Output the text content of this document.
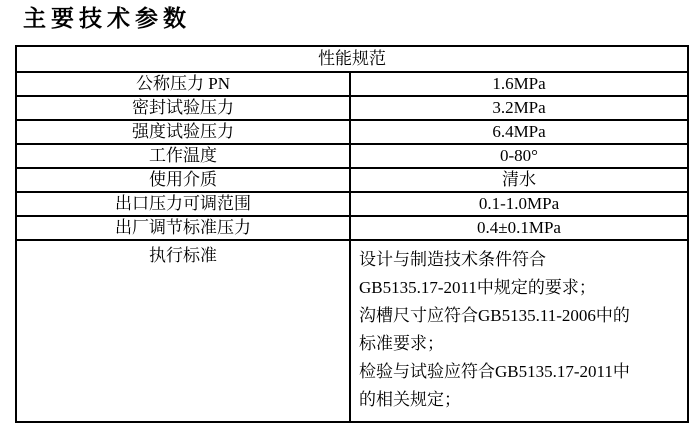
主要技术参数
性能规范	
公称压力 PN	1.6MPa
密封试验压力	3.2MPa
强度试验压力	6.4MPa
工作温度	0-80°
使用介质	清水
出口压力可调范围	0.1-1.0MPa
出厂调节标准压力	0.4±0.1MPa
执行标准	设计与制造技术条件符合
GB5135.17-2011中规定的要求；
沟槽尺寸应符合GB5135.11-2006中的
标准要求；
检验与试验应符合GB5135.17-2011中
的相关规定；
